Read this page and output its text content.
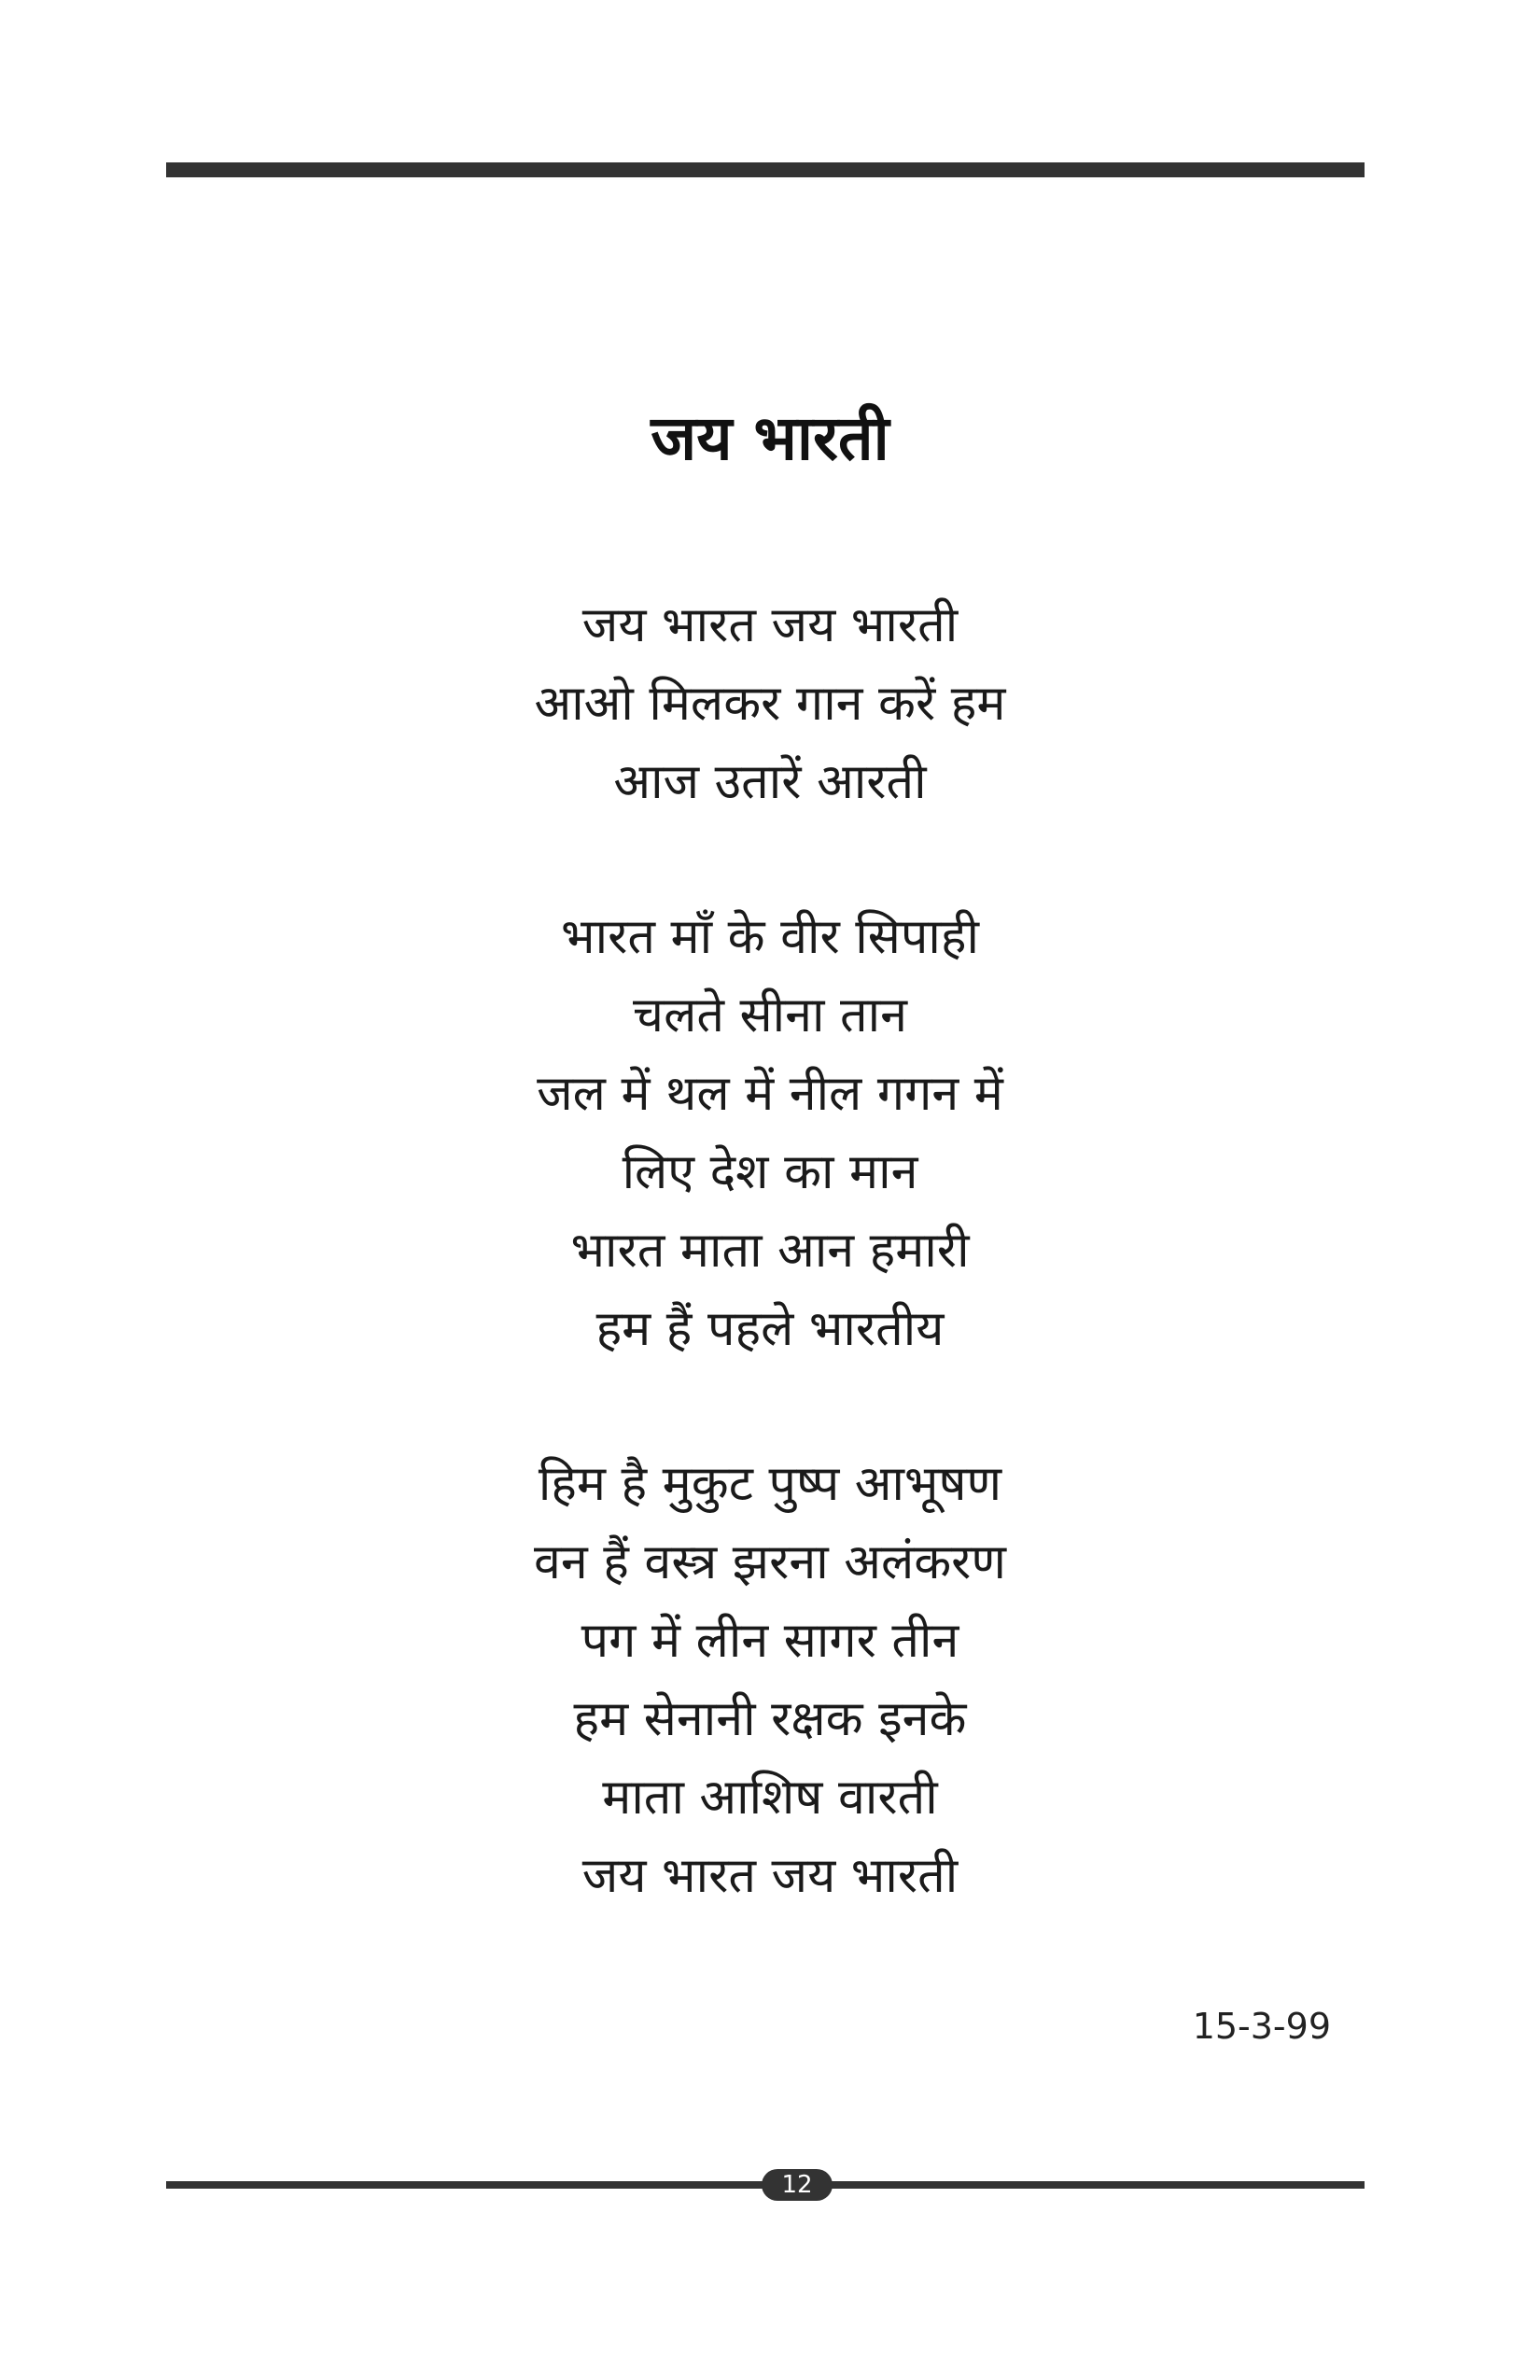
जय भारती
जय भारत जय भारती
आओ मिलकर गान करें हम
आज उतारें आरती
भारत माँ के वीर सिपाही
चलते सीना तान
जल में थल में नील गगन में
लिए देश का मान
भारत माता आन हमारी
हम हैं पहले भारतीय
हिम है मुकुट पुष्प आभूषण
वन हैं वस्त्र झरना अलंकरण
पग में लीन सागर तीन
हम सेनानी रक्षक इनके
माता आशिष वारती
जय भारत जय भारती
15-3-99
12
